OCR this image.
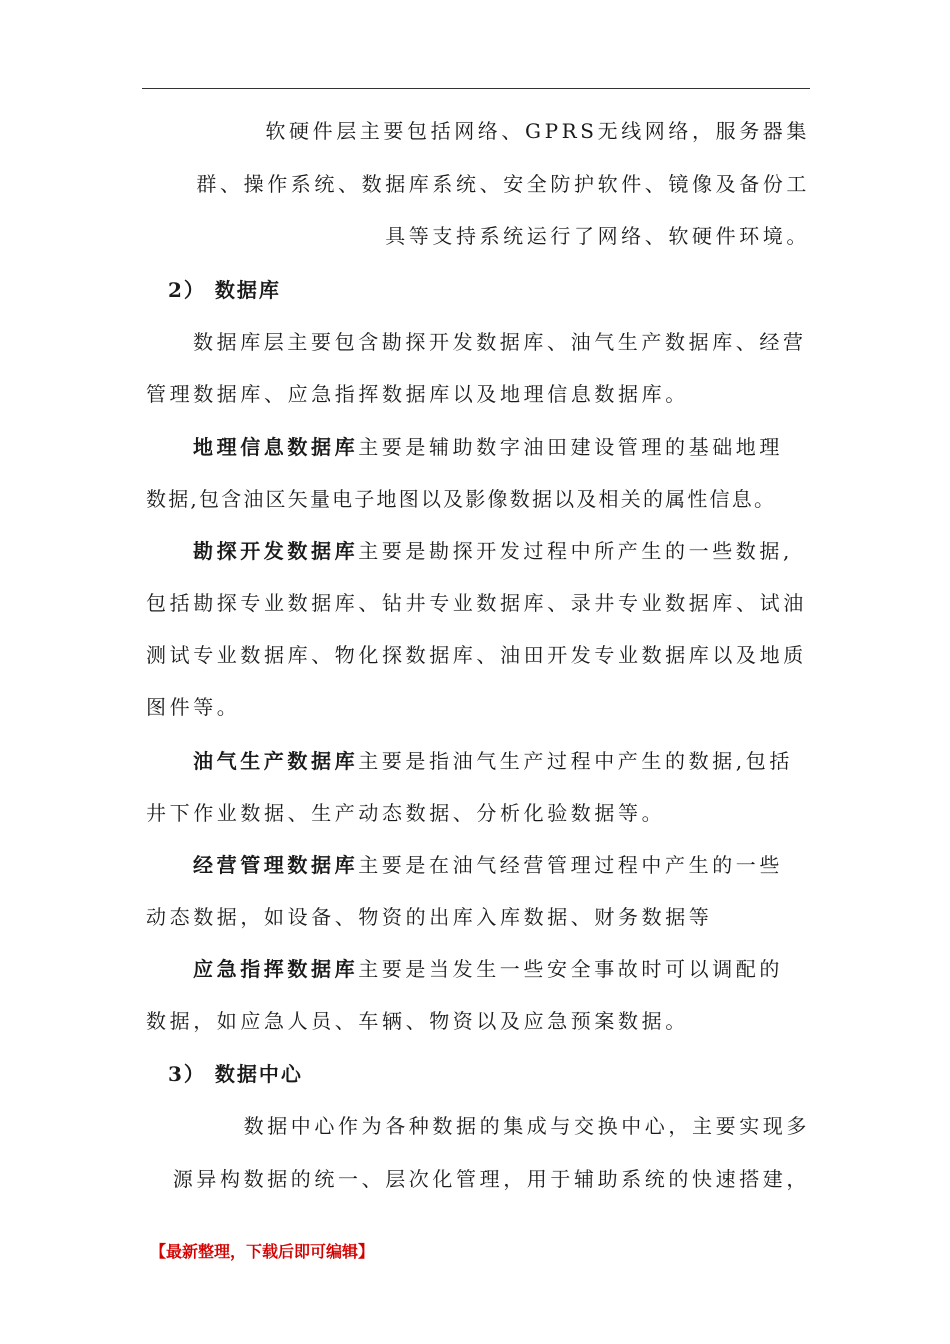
软硬件层主要包括网络、GPRS无线网络，服务器集
群、操作系统、数据库系统、安全防护软件、镜像及备份工
具等支持系统运行了网络、软硬件环境。
2） 数据库
数据库层主要包含勘探开发数据库、油气生产数据库、经营
管理数据库、应急指挥数据库以及地理信息数据库。
地理信息数据库主要是辅助数字油田建设管理的基础地理
数据,包含油区矢量电子地图以及影像数据以及相关的属性信息。
勘探开发数据库主要是勘探开发过程中所产生的一些数据,
包括勘探专业数据库、钻井专业数据库、录井专业数据库、试油
测试专业数据库、物化探数据库、油田开发专业数据库以及地质
图件等。
油气生产数据库主要是指油气生产过程中产生的数据,包括
井下作业数据、生产动态数据、分析化验数据等。
经营管理数据库主要是在油气经营管理过程中产生的一些
动态数据，如设备、物资的出库入库数据、财务数据等
应急指挥数据库主要是当发生一些安全事故时可以调配的
数据，如应急人员、车辆、物资以及应急预案数据。
3） 数据中心
数据中心作为各种数据的集成与交换中心，主要实现多
源异构数据的统一、层次化管理，用于辅助系统的快速搭建，
【最新整理，下载后即可编辑】
